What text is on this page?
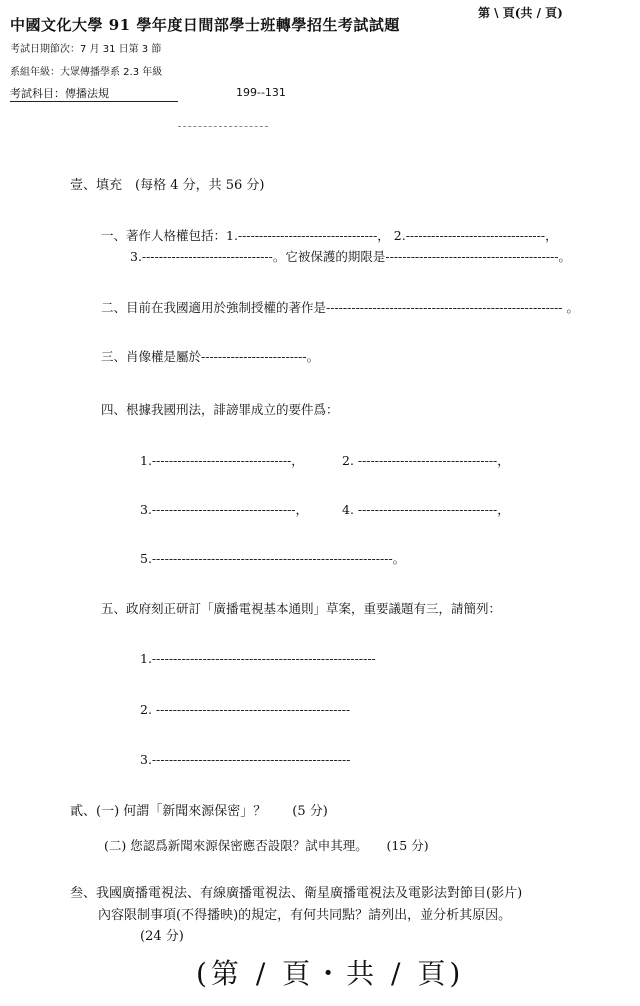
中國文化大學 91 學年度日間部學士班轉學招生考試試題
第 \ 頁(共 / 頁)
考試日期節次：7 月 31 日第 3 節
系組年級：大眾傳播學系 2.3 年級
考試科目：傳播法規	199--131
壹、填充　(每格 4 分，共 56 分)
一、著作人格權包括：1.---------------------------------， 2.---------------------------------，
3.-------------------------------。它被保護的期限是-----------------------------------------。
二、目前在我國適用於強制授權的著作是-------------------------------------------------------- 。
三、肖像權是屬於-------------------------。
四、根據我國刑法，誹謗罪成立的要件爲：
1.---------------------------------，	2. ---------------------------------，
3.----------------------------------，	4. ---------------------------------，
5.---------------------------------------------------------。
五、政府刻正研訂「廣播電視基本通則」草案，重要議題有三，請簡列：
1.-----------------------------------------------------
2. ----------------------------------------------
3.-----------------------------------------------
貳、(一) 何謂「新聞來源保密」？　　(5 分)
(二) 您認爲新聞來源保密應否設限？試申其理。　　(15 分)
叁、我國廣播電視法、有線廣播電視法、衛星廣播電視法及電影法對節目(影片)
內容限制事項(不得播映)的規定，有何共同點？請列出，並分析其原因。
(24 分)
(第 / 頁・共 / 頁)
